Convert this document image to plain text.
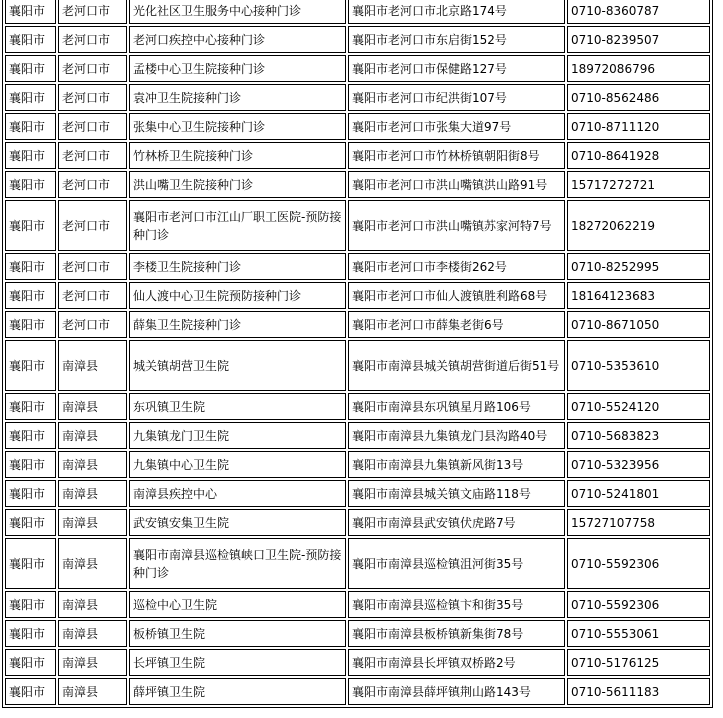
襄阳市	老河口市	光化社区卫生服务中心接种门诊	襄阳市老河口市北京路174号	0710-8360787
襄阳市	老河口市	老河口疾控中心接种门诊	襄阳市老河口市东启街152号	0710-8239507
襄阳市	老河口市	孟楼中心卫生院接种门诊	襄阳市老河口市保健路127号	18972086796
襄阳市	老河口市	袁冲卫生院接种门诊	襄阳市老河口市纪洪街107号	0710-8562486
襄阳市	老河口市	张集中心卫生院接种门诊	襄阳市老河口市张集大道97号	0710-8711120
襄阳市	老河口市	竹林桥卫生院接种门诊	襄阳市老河口市竹林桥镇朝阳街8号	0710-8641928
襄阳市	老河口市	洪山嘴卫生院接种门诊	襄阳市老河口市洪山嘴镇洪山路91号	15717272721
襄阳市	老河口市	襄阳市老河口市江山厂职工医院-预防接种门诊	襄阳市老河口市洪山嘴镇苏家河特7号	18272062219
襄阳市	老河口市	李楼卫生院接种门诊	襄阳市老河口市李楼街262号	0710-8252995
襄阳市	老河口市	仙人渡中心卫生院预防接种门诊	襄阳市老河口市仙人渡镇胜利路68号	18164123683
襄阳市	老河口市	薛集卫生院接种门诊	襄阳市老河口市薛集老街6号	0710-8671050
襄阳市	南漳县	城关镇胡营卫生院	襄阳市南漳县城关镇胡营街道后街51号	0710-5353610
襄阳市	南漳县	东巩镇卫生院	襄阳市南漳县东巩镇星月路106号	0710-5524120
襄阳市	南漳县	九集镇龙门卫生院	襄阳市南漳县九集镇龙门县沟路40号	0710-5683823
襄阳市	南漳县	九集镇中心卫生院	襄阳市南漳县九集镇新风街13号	0710-5323956
襄阳市	南漳县	南漳县疾控中心	襄阳市南漳县城关镇文庙路118号	0710-5241801
襄阳市	南漳县	武安镇安集卫生院	襄阳市南漳县武安镇伏虎路7号	15727107758
襄阳市	南漳县	襄阳市南漳县巡检镇峡口卫生院-预防接种门诊	襄阳市南漳县巡检镇沮河街35号	0710-5592306
襄阳市	南漳县	巡检中心卫生院	襄阳市南漳县巡检镇卞和街35号	0710-5592306
襄阳市	南漳县	板桥镇卫生院	襄阳市南漳县板桥镇新集街78号	0710-5553061
襄阳市	南漳县	长坪镇卫生院	襄阳市南漳县长坪镇双桥路2号	0710-5176125
襄阳市	南漳县	薛坪镇卫生院	襄阳市南漳县薛坪镇荆山路143号	0710-5611183
